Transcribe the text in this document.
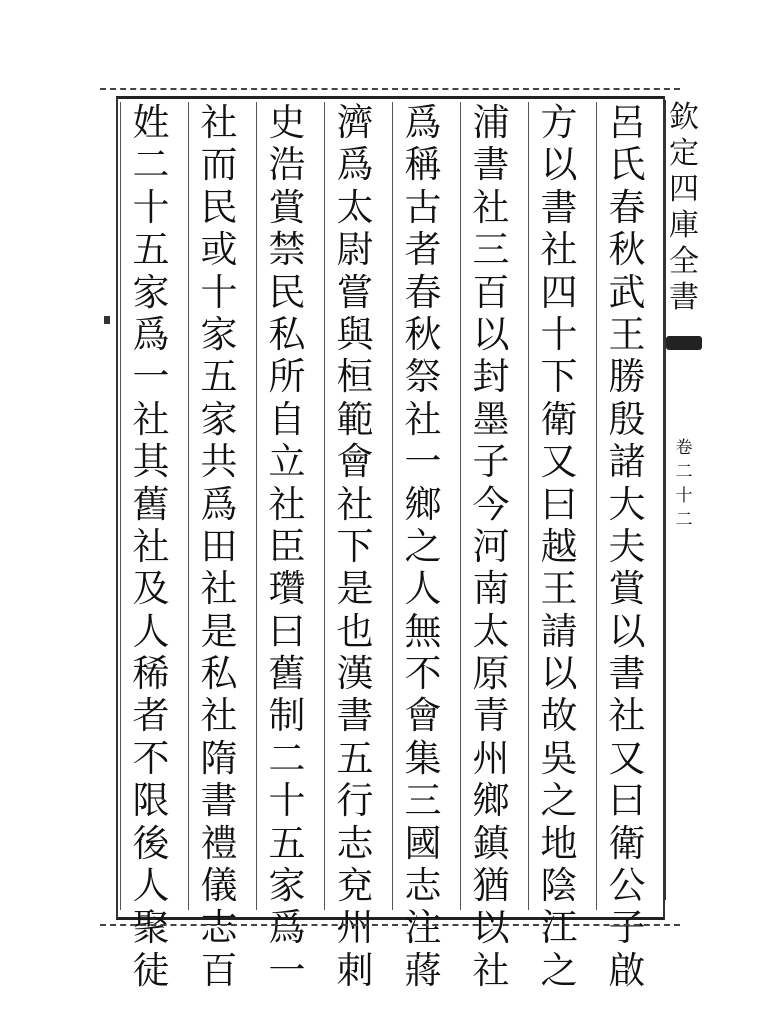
欽
定
四
庫
全
書
卷
二
十
二
呂
氏
春
秋
武
王
勝
殷
諸
大
夫
賞
以
書
社
又
曰
衛
公
子
啟
方
以
書
社
四
十
下
衛
又
曰
越
王
請
以
故
吳
之
地
陰
江
之
浦
書
社
三
百
以
封
墨
子
今
河
南
太
原
青
州
鄉
鎮
猶
以
社
爲
稱
古
者
春
秋
祭
社
一
鄉
之
人
無
不
會
集
三
國
志
注
蔣
濟
爲
太
尉
嘗
與
桓
範
會
社
下
是
也
漢
書
五
行
志
兗
州
刺
史
浩
賞
禁
民
私
所
自
立
社
臣
瓚
曰
舊
制
二
十
五
家
爲
一
社
而
民
或
十
家
五
家
共
爲
田
社
是
私
社
隋
書
禮
儀
志
百
姓
二
十
五
家
爲
一
社
其
舊
社
及
人
稀
者
不
限
後
人
聚
徒
